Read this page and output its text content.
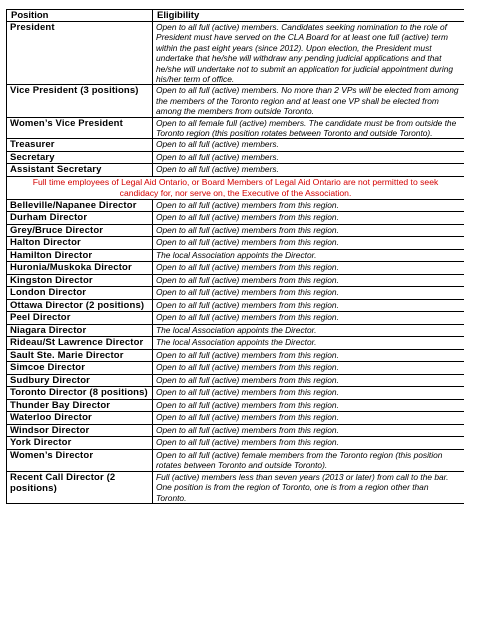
Position	Eligibility
President	Open to all full (active) members. Candidates seeking nomination to the role of President must have served on the CLA Board for at least one full (active) term within the past eight years (since 2012). Upon election, the President must undertake that he/she will withdraw any pending judicial applications and that he/she will undertake not to submit an application for judicial appointment during his/her term of office.
Vice President (3 positions)	Open to all full (active) members. No more than 2 VPs will be elected from among the members of the Toronto region and at least one VP shall be elected from among the members from outside Toronto.
Women’s Vice President	Open to all female full (active) members. The candidate must be from outside the Toronto region (this position rotates between Toronto and outside Toronto).
Treasurer	Open to all full (active) members.
Secretary	Open to all full (active) members.
Assistant Secretary	Open to all full (active) members.
Full time employees of Legal Aid Ontario, or Board Members of Legal Aid Ontario are not permitted to seek candidacy for, nor serve on, the Executive of the Association.	
Belleville/Napanee Director	Open to all full (active) members from this region.
Durham Director	Open to all full (active) members from this region.
Grey/Bruce Director	Open to all full (active) members from this region.
Halton Director	Open to all full (active) members from this region.
Hamilton Director	The local Association appoints the Director.
Huronia/Muskoka Director	Open to all full (active) members from this region.
Kingston Director	Open to all full (active) members from this region.
London Director	Open to all full (active) members from this region.
Ottawa Director (2 positions)	Open to all full (active) members from this region.
Peel Director	Open to all full (active) members from this region.
Niagara Director	The local Association appoints the Director.
Rideau/St Lawrence Director	The local Association appoints the Director.
Sault Ste. Marie Director	Open to all full (active) members from this region.
Simcoe Director	Open to all full (active) members from this region.
Sudbury Director	Open to all full (active) members from this region.
Toronto Director (8 positions)	Open to all full (active) members from this region.
Thunder Bay Director	Open to all full (active) members from this region.
Waterloo Director	Open to all full (active) members from this region.
Windsor Director	Open to all full (active) members from this region.
York Director	Open to all full (active) members from this region.
Women’s Director	Open to all full (active) female members from the Toronto region (this position rotates between Toronto and outside Toronto).
Recent Call Director (2 positions)	Full (active) members less than seven years (2013 or later) from call to the bar. One position is from the region of Toronto, one is from a region other than Toronto.
